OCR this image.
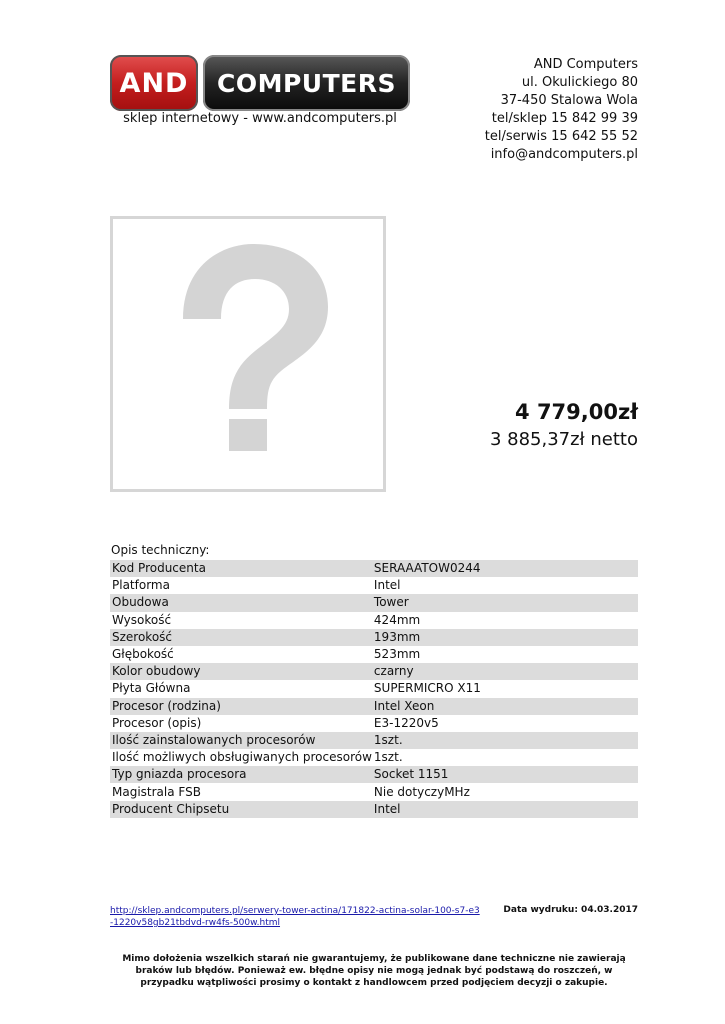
AND	COMPUTERS
sklep internetowy - www.andcomputers.pl
AND Computers
ul. Okulickiego 80
37-450 Stalowa Wola
tel/sklep 15 842 99 39
tel/serwis 15 642 55 52
info@andcomputers.pl
4 779,00zł
3 885,37zł netto
Opis techniczny:
Kod Producenta	SERAAATOW0244
Platforma	Intel
Obudowa	Tower
Wysokość	424mm
Szerokość	193mm
Głębokość	523mm
Kolor obudowy	czarny
Płyta Główna	SUPERMICRO X11
Procesor (rodzina)	Intel Xeon
Procesor (opis)	E3-1220v5
Ilość zainstalowanych procesorów	1szt.
Ilość możliwych obsługiwanych procesorów	1szt.
Typ gniazda procesora	Socket 1151
Magistrala FSB	Nie dotyczyMHz
Producent Chipsetu	Intel
http://sklep.andcomputers.pl/serwery-tower-actina/171822-actina-solar-100-s7-e3-1220v58gb21tbdvd-rw4fs-500w.html
Data wydruku: 04.03.2017
Mimo dołożenia wszelkich starań nie gwarantujemy, że publikowane dane techniczne nie zawierają braków lub błędów. Ponieważ ew. błędne opisy nie mogą jednak być podstawą do roszczeń, w przypadku wątpliwości prosimy o kontakt z handlowcem przed podjęciem decyzji o zakupie.
